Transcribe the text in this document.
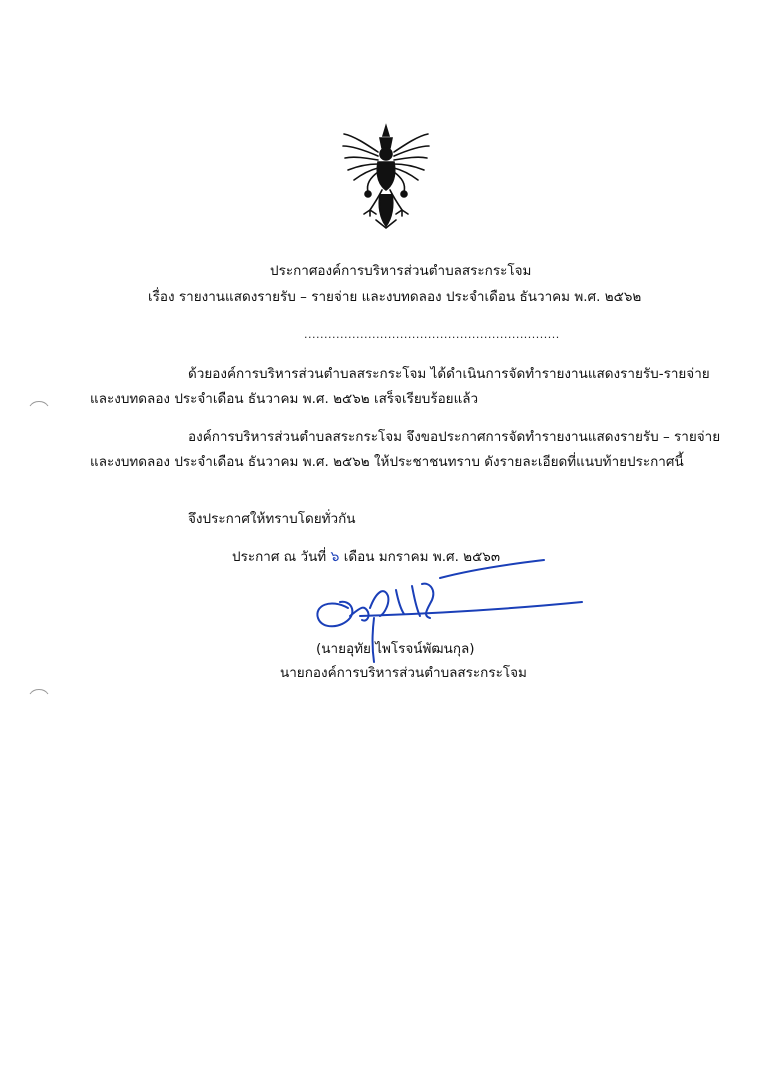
ประกาศองค์การบริหารส่วนตำบลสระกระโจม
เรื่อง รายงานแสดงรายรับ – รายจ่าย และงบทดลอง ประจำเดือน ธันวาคม พ.ศ. ๒๕๖๒
................................................................
ด้วยองค์การบริหารส่วนตำบลสระกระโจม ได้ดำเนินการจัดทำรายงานแสดงรายรับ-รายจ่าย
และงบทดลอง ประจำเดือน ธันวาคม พ.ศ. ๒๕๖๒ เสร็จเรียบร้อยแล้ว
องค์การบริหารส่วนตำบลสระกระโจม จึงขอประกาศการจัดทำรายงานแสดงรายรับ – รายจ่าย
และงบทดลอง ประจำเดือน ธันวาคม พ.ศ. ๒๕๖๒ ให้ประชาชนทราบ ดังรายละเอียดที่แนบท้ายประกาศนี้
จึงประกาศให้ทราบโดยทั่วกัน
ประกาศ ณ วันที่ ๖ เดือน มกราคม พ.ศ. ๒๕๖๓
(นายอุทัย ไพโรจน์พัฒนกุล)
นายกองค์การบริหารส่วนตำบลสระกระโจม
